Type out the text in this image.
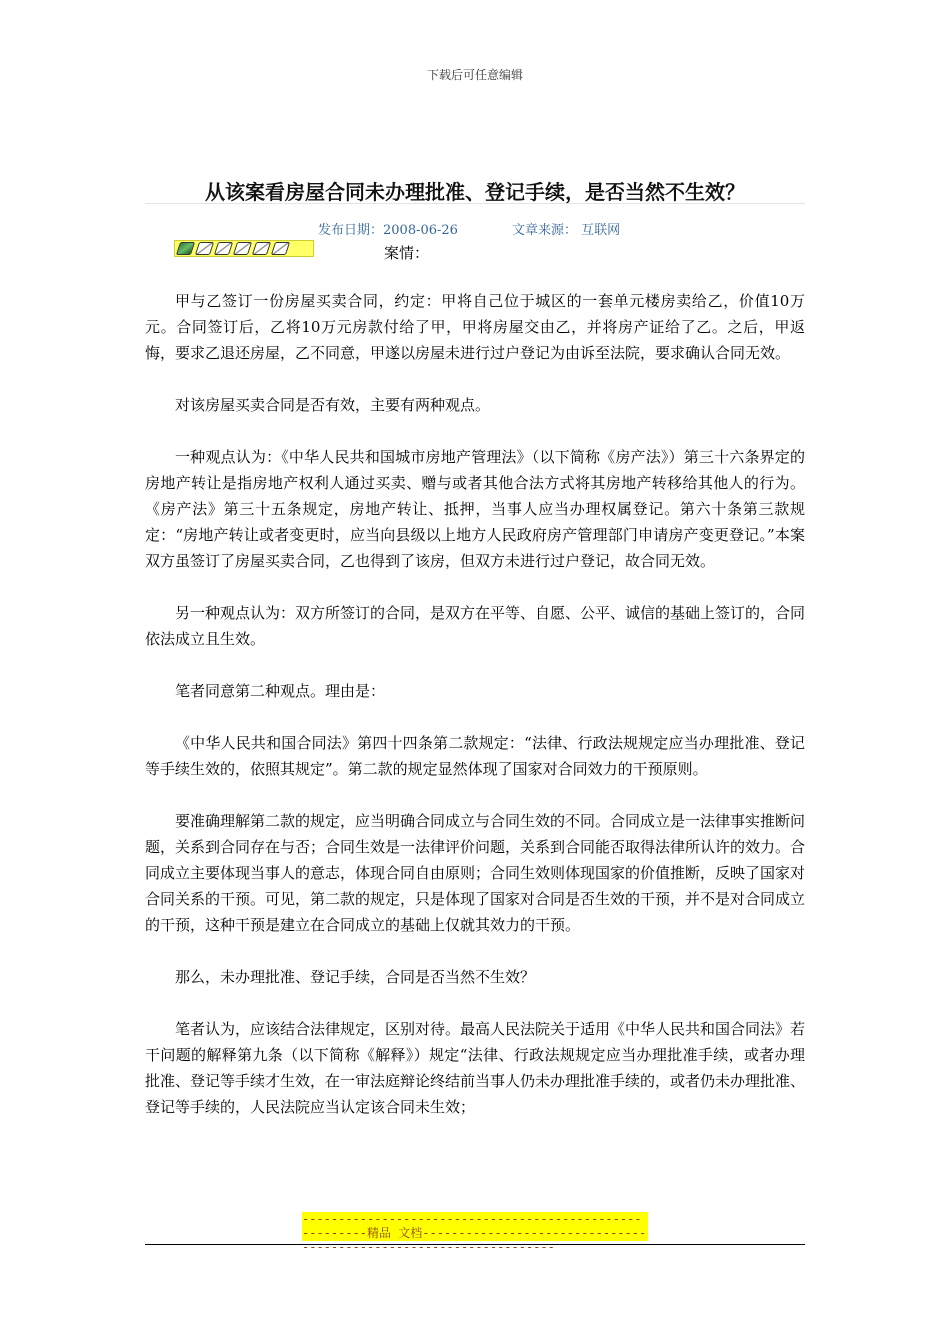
下载后可任意编辑
从该案看房屋合同未办理批准、登记手续，是否当然不生效？
发布日期：2008-06-26	文章来源： 互联网
案情：

甲与乙签订一份房屋买卖合同，约定：甲将自己位于城区的一套单元楼房卖给乙，价值10万元。合同签订后，乙将10万元房款付给了甲，甲将房屋交由乙，并将房产证给了乙。之后，甲返悔，要求乙退还房屋，乙不同意，甲遂以房屋未进行过户登记为由诉至法院，要求确认合同无效。

对该房屋买卖合同是否有效，主要有两种观点。

一种观点认为：《中华人民共和国城市房地产管理法》（以下简称《房产法》）第三十六条界定的房地产转让是指房地产权利人通过买卖、赠与或者其他合法方式将其房地产转移给其他人的行为。《房产法》第三十五条规定，房地产转让、抵押，当事人应当办理权属登记。第六十条第三款规定：“房地产转让或者变更时，应当向县级以上地方人民政府房产管理部门申请房产变更登记。”本案双方虽签订了房屋买卖合同，乙也得到了该房，但双方未进行过户登记，故合同无效。

另一种观点认为：双方所签订的合同，是双方在平等、自愿、公平、诚信的基础上签订的，合同依法成立且生效。

笔者同意第二种观点。理由是：

《中华人民共和国合同法》第四十四条第二款规定：“法律、行政法规规定应当办理批准、登记等手续生效的，依照其规定”。第二款的规定显然体现了国家对合同效力的干预原则。

要准确理解第二款的规定，应当明确合同成立与合同生效的不同。合同成立是一法律事实推断问题，关系到合同存在与否；合同生效是一法律评价问题，关系到合同能否取得法律所认许的效力。合同成立主要体现当事人的意志，体现合同自由原则；合同生效则体现国家的价值推断，反映了国家对合同关系的干预。可见，第二款的规定，只是体现了国家对合同是否生效的干预，并不是对合同成立的干预，这种干预是建立在合同成立的基础上仅就其效力的干预。

那么，未办理批准、登记手续，合同是否当然不生效？

笔者认为，应该结合法律规定，区别对待。最高人民法院关于适用《中华人民共和国合同法》若干问题的解释第九条（以下简称《解释》）规定“法律、行政法规规定应当办理批准手续，或者办理批准、登记等手续才生效，在一审法庭辩论终结前当事人仍未办理批准手续的，或者仍未办理批准、登记等手续的，人民法院应当认定该合同未生效；

--------------------------------------------------------精品 文档------------------------------------------------------------------
